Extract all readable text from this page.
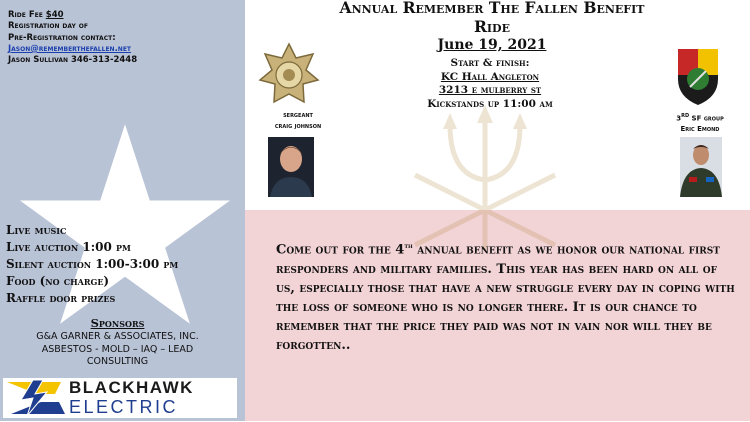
Ride Fee $40
Registration day of
Pre-Registration contact:
Jason@rememberthefallen.net
Jason Sullivan 346-313-2448
Annual Remember The Fallen Benefit
Ride
June 19, 2021
Start & finish:
KC Hall Angleton
3213 e mulberry st
Kickstands up 11:00 am
sergeant
craig johnson
3rd SF group
Eric Emond
Live music
Live auction 1:00 pm
Silent auction 1:00-3:00 pm
Food (no charge)
Raffle door prizes
Sponsors
G&A GARNER & ASSOCIATES, INC.
ASBESTOS - MOLD – IAQ – LEAD
CONSULTING
BLACKHAWK
ELECTRIC
Come out for the 4th annual benefit as we honor our national first responders and military families. This year has been hard on all of us, especially those that have a new struggle every day in coping with the loss of someone who is no longer there. It is our chance to remember that the price they paid was not in vain nor will they be forgotten..
